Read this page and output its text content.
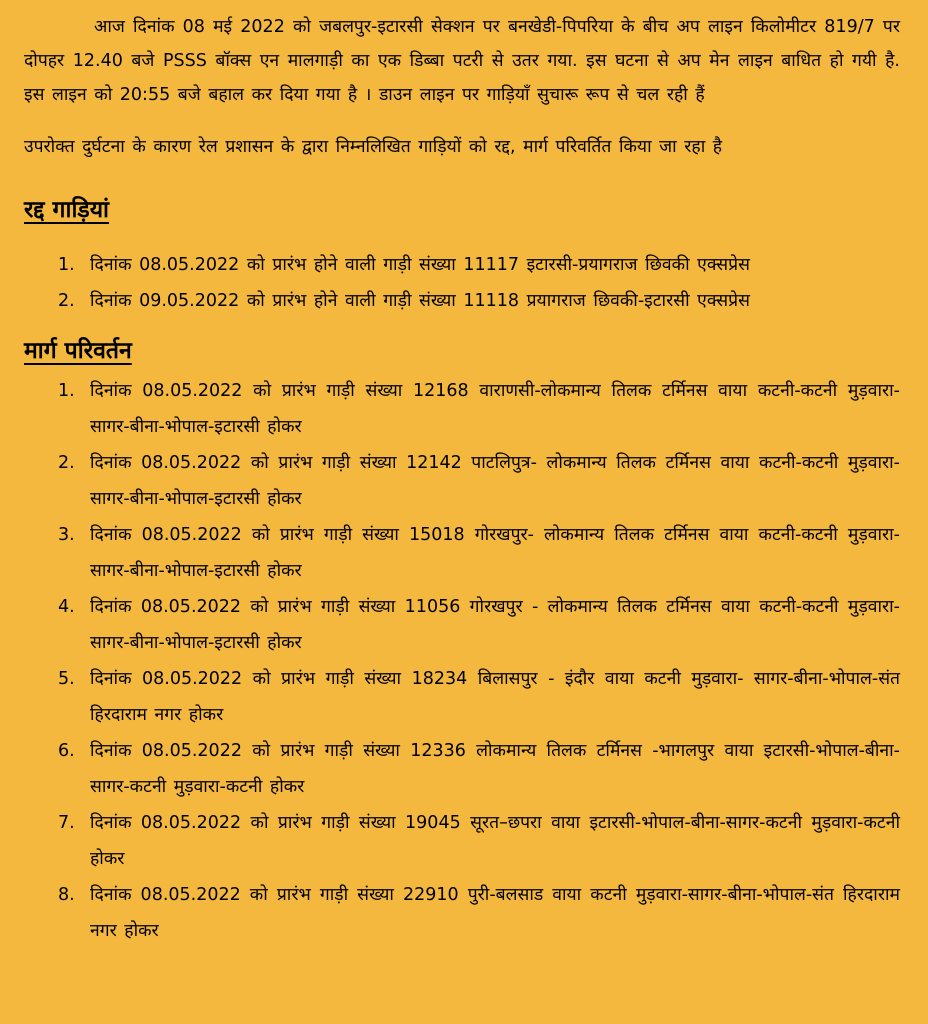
आज दिनांक 08 मई 2022 को जबलपुर-इटारसी सेक्शन पर बनखेडी-पिपरिया के बीच अप लाइन किलोमीटर 819/7 पर दोपहर 12.40 बजे PSSS बॉक्स एन मालगाड़ी का एक डिब्बा पटरी से उतर गया. इस घटना से अप मेन लाइन बाधित हो गयी है. इस लाइन को 20:55 बजे बहाल कर दिया गया है । डाउन लाइन पर गाड़ियाँ सुचारू रूप से चल रही हैं

उपरोक्त दुर्घटना के कारण रेल प्रशासन के द्वारा निम्नलिखित गाड़ियों को रद्द, मार्ग परिवर्तित किया जा रहा है

रद्द गाड़ियां
1. दिनांक 08.05.2022 को प्रारंभ होने वाली गाड़ी संख्या 11117 इटारसी-प्रयागराज छिवकी एक्सप्रेस
2. दिनांक 09.05.2022 को प्रारंभ होने वाली गाड़ी संख्या 11118 प्रयागराज छिवकी-इटारसी एक्सप्रेस
मार्ग परिवर्तन
1. दिनांक 08.05.2022 को प्रारंभ गाड़ी संख्या 12168 वाराणसी-लोकमान्य तिलक टर्मिनस वाया कटनी-कटनी मुड़वारा- सागर-बीना-भोपाल-इटारसी होकर
2. दिनांक 08.05.2022 को प्रारंभ गाड़ी संख्या 12142 पाटलिपुत्र- लोकमान्य तिलक टर्मिनस वाया कटनी-कटनी मुड़वारा- सागर-बीना-भोपाल-इटारसी होकर
3. दिनांक 08.05.2022 को प्रारंभ गाड़ी संख्या 15018 गोरखपुर- लोकमान्य तिलक टर्मिनस वाया कटनी-कटनी मुड़वारा- सागर-बीना-भोपाल-इटारसी होकर
4. दिनांक 08.05.2022 को प्रारंभ गाड़ी संख्या 11056 गोरखपुर - लोकमान्य तिलक टर्मिनस वाया कटनी-कटनी मुड़वारा- सागर-बीना-भोपाल-इटारसी होकर
5. दिनांक 08.05.2022 को प्रारंभ गाड़ी संख्या 18234 बिलासपुर - इंदौर वाया कटनी मुड़वारा- सागर-बीना-भोपाल-संत हिरदाराम नगर होकर
6. दिनांक 08.05.2022 को प्रारंभ गाड़ी संख्या 12336 लोकमान्य तिलक टर्मिनस -भागलपुर वाया इटारसी-भोपाल-बीना- सागर-कटनी मुड़वारा-कटनी होकर
7. दिनांक 08.05.2022 को प्रारंभ गाड़ी संख्या 19045 सूरत–छपरा वाया इटारसी-भोपाल-बीना-सागर-कटनी मुड़वारा-कटनी होकर
8. दिनांक 08.05.2022 को प्रारंभ गाड़ी संख्या 22910 पुरी-बलसाड वाया कटनी मुड़वारा-सागर-बीना-भोपाल-संत हिरदाराम नगर होकर
